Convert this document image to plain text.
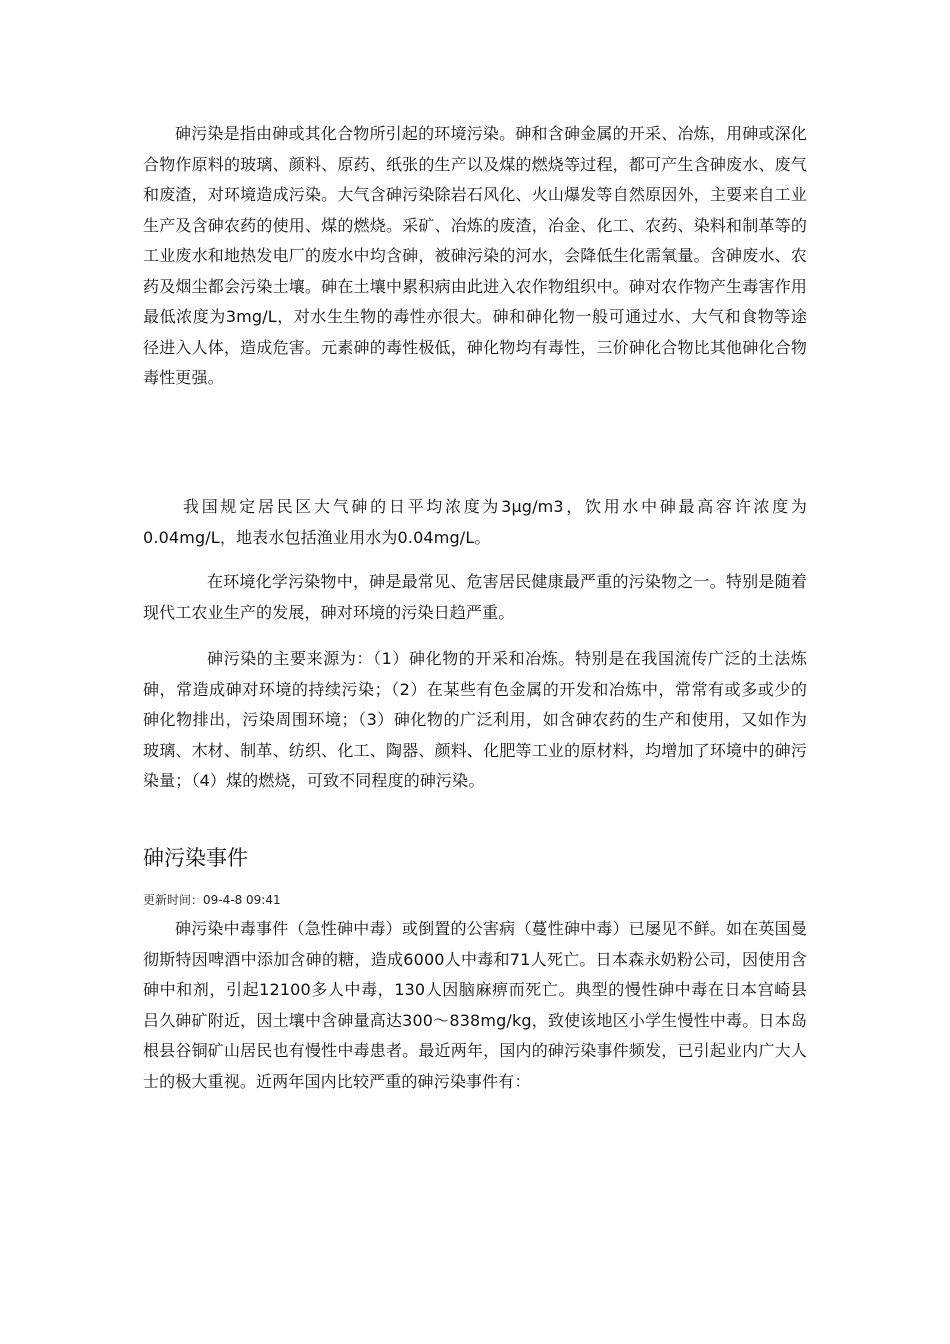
砷污染是指由砷或其化合物所引起的环境污染。砷和含砷金属的开采、冶炼，用砷或深化合物作原料的玻璃、颜料、原药、纸张的生产以及煤的燃烧等过程，都可产生含砷废水、废气和废渣，对环境造成污染。大气含砷污染除岩石风化、火山爆发等自然原因外，主要来自工业生产及含砷农药的使用、煤的燃烧。采矿、冶炼的废渣，冶金、化工、农药、染料和制革等的工业废水和地热发电厂的废水中均含砷，被砷污染的河水，会降低生化需氧量。含砷废水、农药及烟尘都会污染土壤。砷在土壤中累积病由此进入农作物组织中。砷对农作物产生毒害作用最低浓度为3mg/L，对水生生物的毒性亦很大。砷和砷化物一般可通过水、大气和食物等途径进入人体，造成危害。元素砷的毒性极低，砷化物均有毒性，三价砷化合物比其他砷化合物毒性更强。

我国规定居民区大气砷的日平均浓度为3μg/m3，饮用水中砷最高容许浓度为0.04mg/L，地表水包括渔业用水为0.04mg/L。

在环境化学污染物中，砷是最常见、危害居民健康最严重的污染物之一。特别是随着现代工农业生产的发展，砷对环境的污染日趋严重。

砷污染的主要来源为：（1）砷化物的开采和冶炼。特别是在我国流传广泛的土法炼砷，常造成砷对环境的持续污染；（2）在某些有色金属的开发和冶炼中，常常有或多或少的砷化物排出，污染周围环境；（3）砷化物的广泛利用，如含砷农药的生产和使用，又如作为玻璃、木材、制革、纺织、化工、陶器、颜料、化肥等工业的原材料，均增加了环境中的砷污染量；（4）煤的燃烧，可致不同程度的砷污染。

砷污染事件

更新时间：09-4-8 09:41

砷污染中毒事件（急性砷中毒）或倒置的公害病（蔓性砷中毒）已屡见不鲜。如在英国曼彻斯特因啤酒中添加含砷的糖，造成6000人中毒和71人死亡。日本森永奶粉公司，因使用含砷中和剂，引起12100多人中毒，130人因脑麻痹而死亡。典型的慢性砷中毒在日本宫崎县吕久砷矿附近，因土壤中含砷量高达300～838mg/kg，致使该地区小学生慢性中毒。日本岛根县谷铜矿山居民也有慢性中毒患者。最近两年，国内的砷污染事件频发，已引起业内广大人士的极大重视。近两年国内比较严重的砷污染事件有：
